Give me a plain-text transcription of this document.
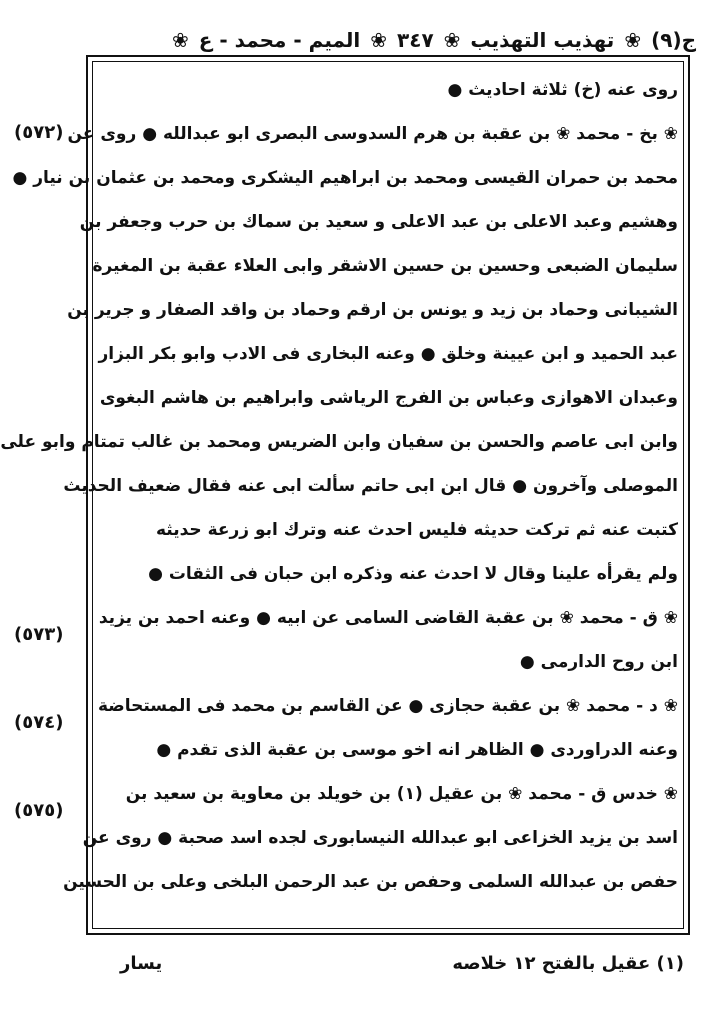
ج(٩)
❀
تهذيب التهذيب
❀
٣٤٧
❀
الميم - محمد - ع
❀
روى عنه (خ) ثلاثة احاديث ●
❀ بخ - محمد ❀ بن عقبة بن هرم السدوسى البصرى ابو عبدالله ● روى عن
محمد بن حمران القيسى ومحمد بن ابراهيم اليشكرى ومحمد بن عثمان بن نيار ●
وهشيم وعبد الاعلى بن عبد الاعلى و سعيد بن سماك بن حرب وجعفر بن
سليمان الضبعى وحسين بن حسين الاشقر وابى العلاء عقبة بن المغيرة
الشيبانى وحماد بن زيد و يونس بن ارقم وحماد بن واقد الصفار و جرير بن
عبد الحميد و ابن عيينة وخلق ● وعنه البخارى فى الادب وابو بكر البزار
وعبدان الاهوازى وعباس بن الفرج الرياشى وابراهيم بن هاشم البغوى
وابن ابى عاصم والحسن بن سفيان وابن الضريس ومحمد بن غالب تمتام وابو على
الموصلى وآخرون ● قال ابن ابى حاتم سألت ابى عنه فقال ضعيف الحديث
كتبت عنه ثم تركت حديثه فليس احدث عنه وترك ابو زرعة حديثه
ولم يقرأه علينا وقال لا احدث عنه وذكره ابن حبان فى الثقات ●
❀ ق - محمد ❀ بن عقبة القاضى السامى عن ابيه ● وعنه احمد بن يزيد
ابن روح الدارمى ●
❀ د - محمد ❀ بن عقبة حجازى ● عن القاسم بن محمد فى المستحاضة
وعنه الدراوردى ● الظاهر انه اخو موسى بن عقبة الذى تقدم ●
❀ خدس ق - محمد ❀ بن عقيل (١) بن خويلد بن معاوية بن سعيد بن
اسد بن يزيد الخزاعى ابو عبدالله النيسابورى لجده اسد صحبة ● روى عن
حفص بن عبدالله السلمى وحفص بن عبد الرحمن البلخى وعلى بن الحسين
(٥٧٢)
(٥٧٣)
(٥٧٤)
(٥٧٥)
(١) عقيل بالفتح ١٢ خلاصه
يسار
